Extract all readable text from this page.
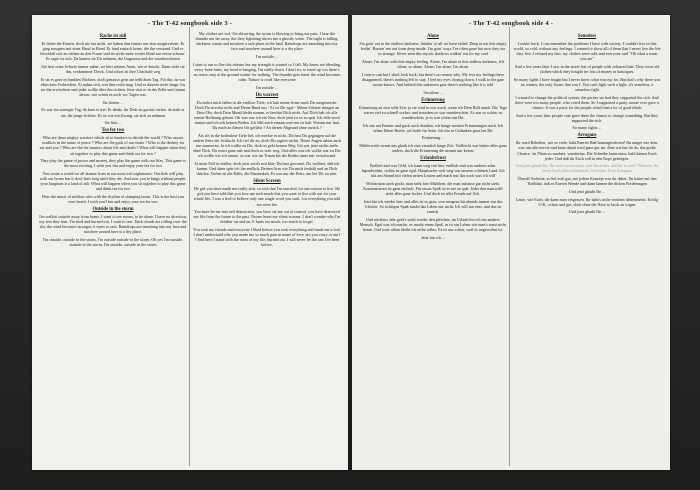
- The T-42 songbook side 3 -
Rache ist süß

Er liebte die Frauen, doch nie fan nicht, sie haben ihm immer nur eins ausgerechnet. Er ging morgens mit einer Hand in Hand. Er fand einfach keine, die ihn verstand. Und er beschloß sich zu rächen an den Fraun' und sie nicht mehr weiter blind nur etwas schaun'. Er ragte zu sich. Da kannst sie Dir nehmen, die Ungnunst und die wunderschönen

Sie hört seine Schreie immer näher, sie hört seinem Atem, wie er keucht. Dann sieht sie ihn, verdammter Dreck. Und schon ist ihre Unschuld weg

Er tat es gern in dunklen Nächten, doch genauso gern am hellichten Tag. Für ihn, da war eben kein Verbrechen. Er nahm sich, wer ihm recht mag. Und es dauerte nicht lange, bis sie ihn erwischten und jeder wollte über ihn richten. Jetzt sitzt er in der Zelle und träumt davon, wie schön es noch vor Tagen war.

Sie hörten ...

Es war ein sonniger Tag, da kam er frei. Er denkt, für Dich ist garnits verber. da sieht er sie, die junge Schöne. Es ist wie ein Zwang, sie sich zu nehmen

Sie hört ...

Tea for two

Who are these mighty warriors which sit in bunkers to decide the world ? Who causes conflicts in the name of peace ? Who are the gods of our times ? Who is the destiny for me and you ? Who are the the masters about life and death ? What will happen when they sit together to play this game and drink tea for two ?

They play the game of power and money, they play the game with our lifes. This game is the most exciting. I wish you fun and enjoy your tea for two

You create a world we all dreamt from in our most evil nightmares. Our kids will play with our bones but it don't lasts long until they die. And now you're kings without people, your kingdom is a land of ash. What will happen when you sit together to play this game and drink tea for two

Hear the music of million cries with the rhythm of stamping boots. This is the best you ever heard. I wish you'l fun and enjoy your tea for two

Outside in the storm

I'm walkin' outside away from home. I want to see noone, to be alone. I have no direction, my feet they hurt. I'm tired and burned out, I want to rest. Dark clouds are rolling over the sky, the wind becomes stronger, it starts to rain. Raindrops are smashing into my face and nowhere around here is a dry place.

I'm outside, outside in the storm, I'm outside outside in the storm. Oh yes I'm outside, outside in the storm, I'm outside, outside in the storm

My clothes are wet, I'm shivering, the storm is blowing to bring me pain. I hear the thunder not far away, the fiery lightning shows me a ghostly scene. The night is falling, darkness comes and nowhere a safe place in the land. Raindrops are smashing into my face and nowhere around here is a dry place

I'm outside ...

I start to run to flee this inferno but my strength is wasted so I fall. My knees are bleeding, every bone hurts, my head is banging, I'm really down. I don't try to stand up 'cos there's no sense, stay at the ground waitin' for nothing. The thunder gets faster the wind becomes calm. Nature is cruel like everyone

I'm outside ...

Du warzest

Du siehst mich fallen in die endlose Tiefe, ich hab meine Arme nach Dir ausgestreckt. Doch Du streckst nicht mal Deine Hand aus - Es ist Dir egal - Meine Schreie dringen an Dein Ohr, doch Dein Mund bleibt stumm, er berührt Dich nicht. Auf Dich hab ich alle meine Hoffnung gebaut. Ob was war ich ein Narr, doch jetzt ist es zu spät. Ich falle noch immer und ich seh keinen Boden. Ich fühl mich einsam und mir ist kalt. Warum nur hast Du mich an diesen Ort geführt ? An diesen Abgrund ohne zurück ?

Als ich in die bodenlose Tiefe fiel, ich merkte es nicht. Du hast Du gegangen auf die andern Seite der Schlucht. Ich rief dir zu, doch Du sagtest nichts. Deine Augen sahen auch nur stumm an. Ja ich wollte zu Dir, doch es geht keinen Weg. Ich war jetzt nichts mehr ohne Dich. Du warst ganz nah und doch so weit weg. Und alles was ich wollte war zu Dir, ich wollte wie ich rannte, es war wie im Traum bis der Boden unter mir verschwand.

Ja mein Fall ist endlos, doch jetzt wird's mir klar: Du hast gewartet, Du wolltest, daß ich komm. Und dann spür ich ihn endlich, Deinen Arm wie Du mich festhält und an Dich drückst. Vorbei ist die Kälte, die Einsamkeit. Es war nur der Preis, um bei Dir zu sein.

Silent Screem

He girl you have made me really sick, so sick that I'm searchin' for one reason to live. He girl you have told that you love me such much that you want to live with me for your whole life. I was a fool to believe only one single word you said, 'cos everything you told me were lies

You have let me into self destruction, you have set me out of control, you have destroyed my life from the future to the past. Noone hears my silent scream. I don't wonder why I'm drinkin' on and on. It hurts too much, too much to forget.

You took my friends and everyone I liked before you took everything and made me a fool. I don't understand why you made me so much pain in name of love, are you crazy or am I ? And here I stand with the ruins of my life, burned out. I will never be the one I've been before.

- The T-42 songbook side 4 -
Alone

I'm goin' out in the endless darkness, thinkin' of all we have failed. Deep in me this empty feelin'. Burnin' me out from deep inside. I'm goin' ways I've often gone but now they are so strange. Never seen this mystic shadows walkin' out for my soul

Alone, I'm alone with this empty feeling. Alone, I'm alone in this endless darkness, left alone, so alone. Alone, I'm alone, I'm alone

I start to run but I don't look back, but there's no reason why. My fear my feelings have disappeared, there's nothing left to stay. I feel my eyes closing down, I walk to the gate noone knows. And behind this unknown gate there's nothing like it is told

I'm alone ...

Erinnerung

Erinnerung an eine tolle Zeit, ja sie wird in mir wach, wenn ich Dein Bild anseh. Die Tage waren viel zu schnell vorbei, und trotzdem so war wunderschön. Es war so schön, so wunderschön, ja es war schön mit Dir.

Ich sitz am Fenster und guck nach draußen, ich hänge meinen Erinnerungen nach. Ich sehne Deine Briefe, ich hoffe für Seite. Ich bin in Gedanken ganz bei Dir

Erinnerung ...

Mittlerweile trennt uns glaub ich eine ziemlich lange Zeit. Vielleicht war bisher alles ganz anders, doch die Erinnerung die nimmt mir keiner

Urlaubsfrust

Endlich mal was Geld, ich kann weg von hier, endlich mal was anderes sehn. Irgendwohin, wohin ist ganz egal. Hauptsache weit weg von unsrem schönen Land. Ich sitz am Strand mit vielen netten Leuten und mach mir das noch was ich will

Wohin man auch guckt, man sieht hier Mädchen, die man zuhause gar nicht sieht. Konzentrieren ist ganz einfach. Für etwas Spaß ist es nie zu spät. Jeder den man trifft sieht alles ganz locker. Und doch ist aller Freude auf Zeit.

Jetzt bin ich wieder hier und alles ist so grau, von morgens bis abends immer nur das Gleiche. So richtigen Spaß macht das Leben nur nicht. Ich will nur eins, und das ist zurück.

Und nächstes Jahr geht's wohl wieder den gleichen, im Urlaub bin ich ein anderer Mensch. Egal was ich mache, es macht einen Spaß, es ist ein Leben wie man's sonst nicht kennt. Und trotz allem bleibt ich nicht selber. Es ist nur schön, weil es ungewohnt ist.

Jetzt bin ich ...

Senseless

Lookin' back, I can remember the problems I have with society. I couldn't live in this world, so cold, without any feelings. I wanted to show all of them that I never live the life they live. I refused my hair, my clothes were odd, and everyone said "Oh what a scum you are"

And a few years later I saw in the street lots of people with coloured hair. They wear old clothes which they bought for lots of money in boutiques.

So many fights I have fought but I never knew what was my for. But that's why there was no winner, the only looser that was I. You can't fight such a fight, it's senseless, a senseless fight

I wanted to change the political system, the parties we had they supported the rich. And there were too many people, who voted them. So I supported a party, noone ever gave a chance. It was a party for the people which had a lot of good ideals

And a few years later people vote gave them the chance to change something. But they supported the rich.

So many fights ...

Arrogans

Ihr ward Rebellen, wie so viele, habt Eueren Haß hinausgeschrien! Ihr ranget wie dem, was uns alle nervte und kann damit wird ganz gut im. Aber wir hat ihr da, das große Chance, 'ne Platte zu machen, wunderbar. Die Schreibe kann rauss, bald kannst Euch jeder. Und daß ihr Euch voll in den Kopf gestiegen.

Und jetzt glaubt Ihr, Ihr seid was besseres, und Ihr nichts. daß Ihr es seid ? Mensch, Ihr treten Euch allen erbärmlich, Ich Sauer: Eure Arroganz

Überall Auftritte, es lief echt gut, auf jedem Konzept war ihr dabei. Ihr hattet auf den Titelblatt, daß es Eueren Wende und dann kamen die dicken Forderungen

Und jetzt glaubt Ihr ...

Leute, wie Euch, die kann man vergessen. Ihr habt's nicht verdient daheizmeint. Erfolg O.K., schön und gut, doch ohne die Nase so hoch zu tragen

Und jetzt glaubt Ihr ...
